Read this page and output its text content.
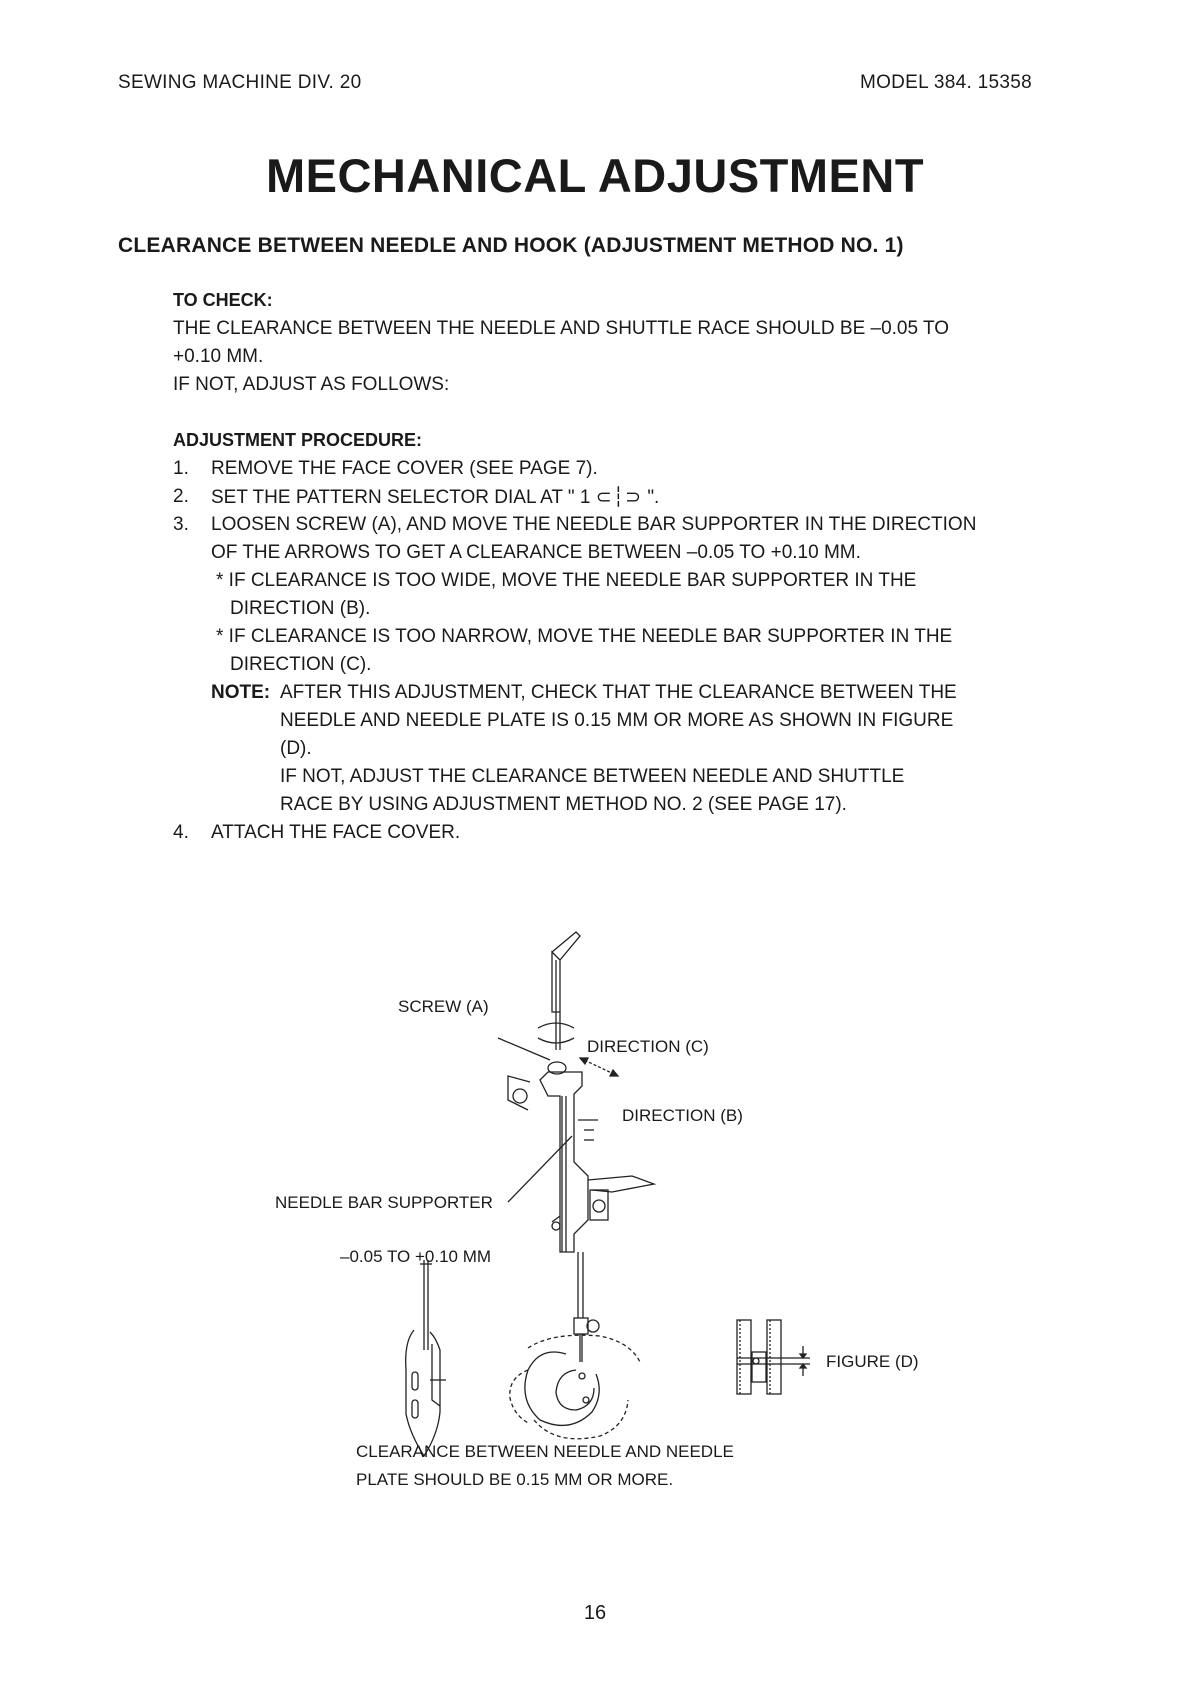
SEWING MACHINE DIV. 20	MODEL 384. 15358
MECHANICAL ADJUSTMENT
CLEARANCE BETWEEN NEEDLE AND HOOK (ADJUSTMENT METHOD NO. 1)
TO CHECK:
THE CLEARANCE BETWEEN THE NEEDLE AND SHUTTLE RACE SHOULD BE –0.05 TO
+0.10 MM.
IF NOT, ADJUST AS FOLLOWS:
ADJUSTMENT PROCEDURE:
1. REMOVE THE FACE COVER (SEE PAGE 7).
2. SET THE PATTERN SELECTOR DIAL AT " 1 ⊂┆⊃ ".
3. LOOSEN SCREW (A), AND MOVE THE NEEDLE BAR SUPPORTER IN THE DIRECTION
OF THE ARROWS TO GET A CLEARANCE BETWEEN –0.05 TO +0.10 MM.
* IF CLEARANCE IS TOO WIDE, MOVE THE NEEDLE BAR SUPPORTER IN THE
DIRECTION (B).
* IF CLEARANCE IS TOO NARROW, MOVE THE NEEDLE BAR SUPPORTER IN THE
DIRECTION (C).
NOTE: AFTER THIS ADJUSTMENT, CHECK THAT THE CLEARANCE BETWEEN THE
NEEDLE AND NEEDLE PLATE IS 0.15 MM OR MORE AS SHOWN IN FIGURE
(D).
IF NOT, ADJUST THE CLEARANCE BETWEEN NEEDLE AND SHUTTLE
RACE BY USING ADJUSTMENT METHOD NO. 2 (SEE PAGE 17).
4. ATTACH THE FACE COVER.
SCREW (A)
DIRECTION (C)
DIRECTION (B)
NEEDLE BAR SUPPORTER
–0.05 TO +0.10 MM
FIGURE (D)
CLEARANCE BETWEEN NEEDLE AND NEEDLE
PLATE SHOULD BE 0.15 MM OR MORE.
16
